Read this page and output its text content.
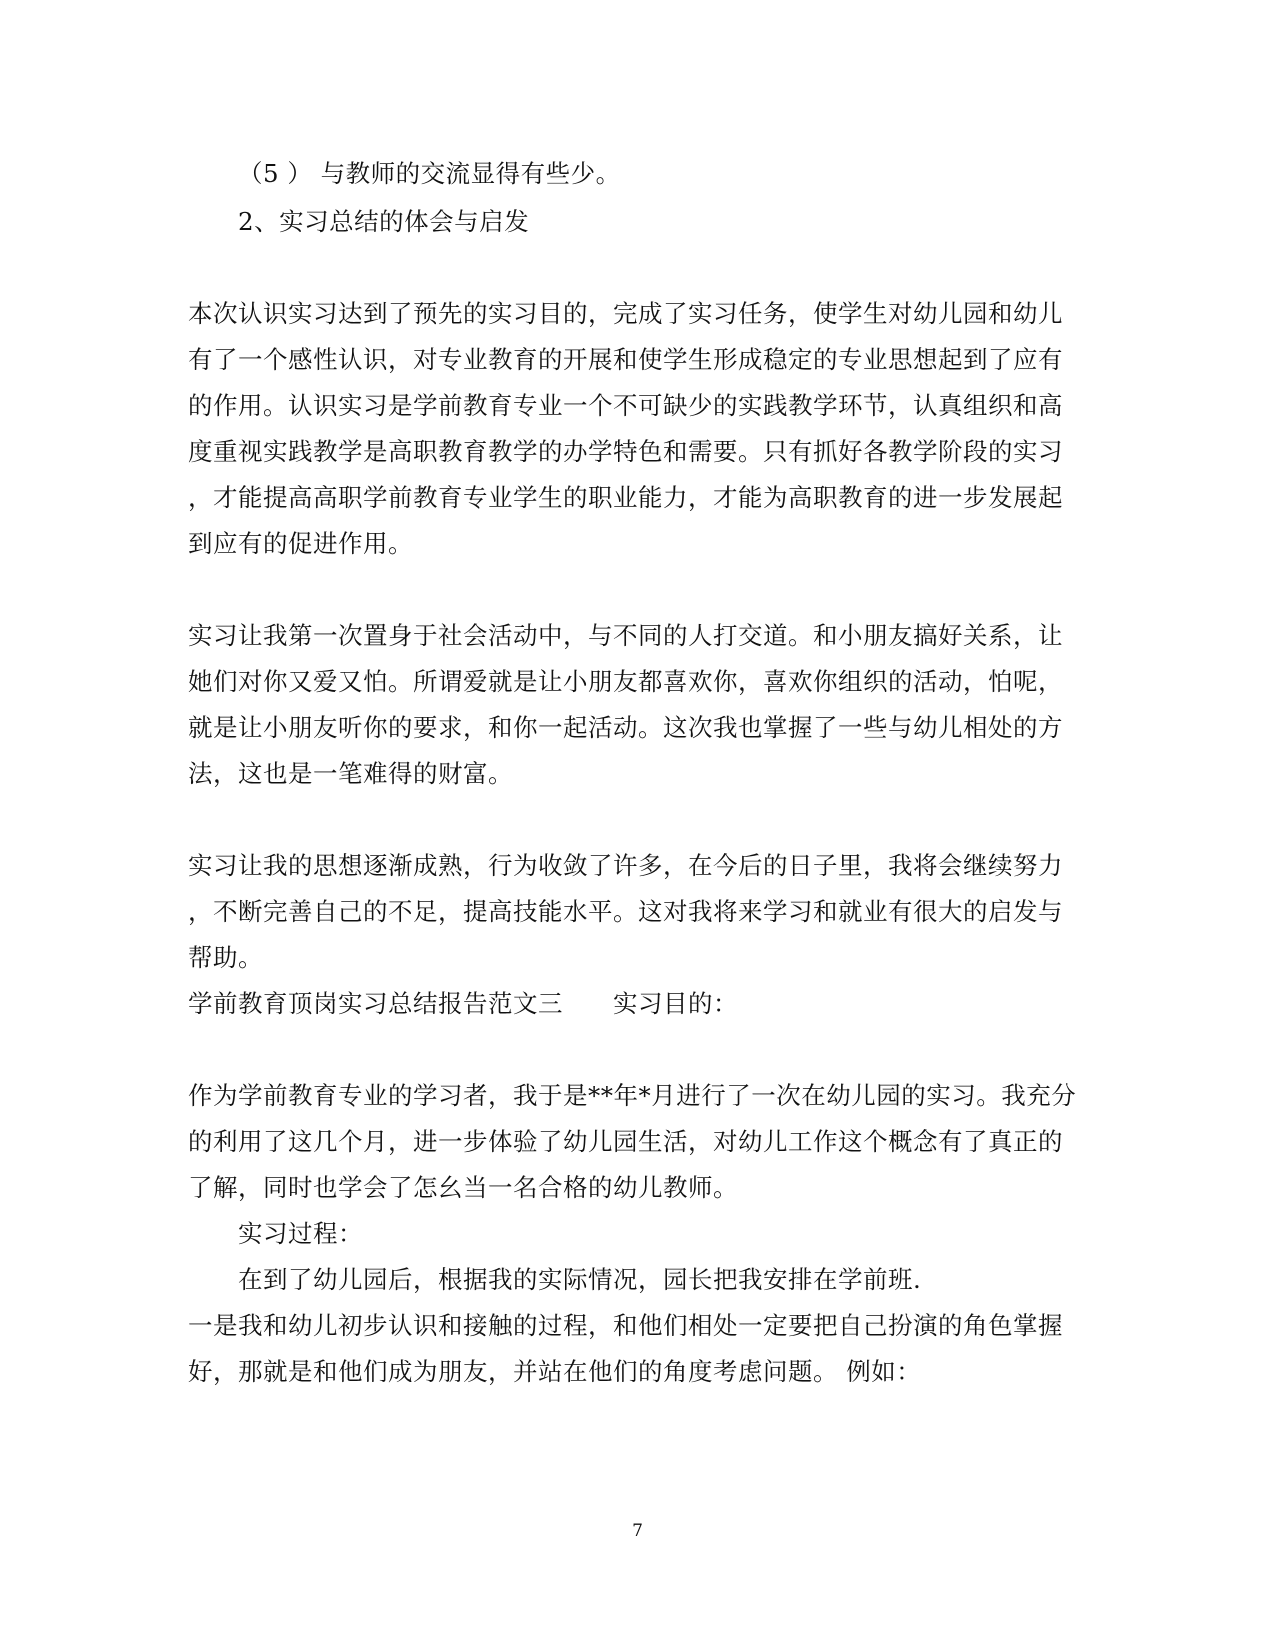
（5 ） 与教师的交流显得有些少。
2、实习总结的体会与启发
本次认识实习达到了预先的实习目的，完成了实习任务，使学生对幼儿园和幼儿
有了一个感性认识，对专业教育的开展和使学生形成稳定的专业思想起到了应有
的作用。认识实习是学前教育专业一个不可缺少的实践教学环节，认真组织和高
度重视实践教学是高职教育教学的办学特色和需要。只有抓好各教学阶段的实习
，才能提高高职学前教育专业学生的职业能力，才能为高职教育的进一步发展起
到应有的促进作用。
实习让我第一次置身于社会活动中，与不同的人打交道。和小朋友搞好关系，让
她们对你又爱又怕。所谓爱就是让小朋友都喜欢你，喜欢你组织的活动，怕呢，
就是让小朋友听你的要求，和你一起活动。这次我也掌握了一些与幼儿相处的方
法，这也是一笔难得的财富。
实习让我的思想逐渐成熟，行为收敛了许多，在今后的日子里，我将会继续努力
，不断完善自己的不足，提高技能水平。这对我将来学习和就业有很大的启发与
帮助。
学前教育顶岗实习总结报告范文三　　实习目的：
作为学前教育专业的学习者，我于是**年*月进行了一次在幼儿园的实习。我充分
的利用了这几个月，进一步体验了幼儿园生活，对幼儿工作这个概念有了真正的
了解，同时也学会了怎幺当一名合格的幼儿教师。
实习过程：
在到了幼儿园后，根据我的实际情况，园长把我安排在学前班.
一是我和幼儿初步认识和接触的过程，和他们相处一定要把自己扮演的角色掌握
好，那就是和他们成为朋友，并站在他们的角度考虑问题。 例如：
7
